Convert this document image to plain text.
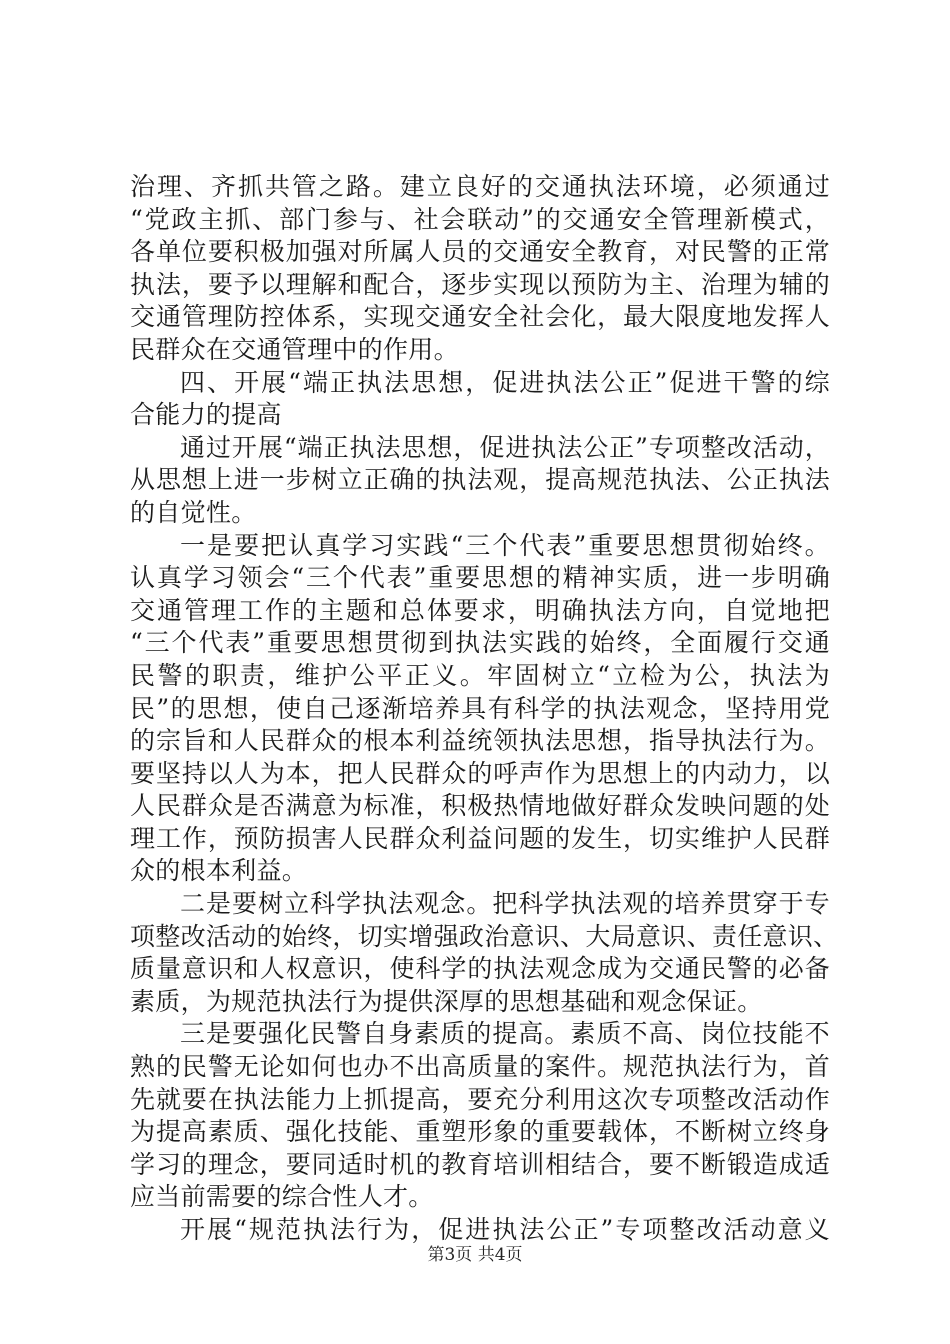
治理、齐抓共管之路。建立良好的交通执法环境，必须通过
“党政主抓、部门参与、社会联动”的交通安全管理新模式，
各单位要积极加强对所属人员的交通安全教育，对民警的正常
执法，要予以理解和配合，逐步实现以预防为主、治理为辅的
交通管理防控体系，实现交通安全社会化，最大限度地发挥人
民群众在交通管理中的作用。
四、开展“端正执法思想，促进执法公正”促进干警的综
合能力的提高
通过开展“端正执法思想，促进执法公正”专项整改活动，
从思想上进一步树立正确的执法观，提高规范执法、公正执法
的自觉性。
一是要把认真学习实践“三个代表”重要思想贯彻始终。
认真学习领会“三个代表”重要思想的精神实质，进一步明确
交通管理工作的主题和总体要求，明确执法方向，自觉地把
“三个代表”重要思想贯彻到执法实践的始终，全面履行交通
民警的职责，维护公平正义。牢固树立“立检为公，执法为
民”的思想，使自己逐渐培养具有科学的执法观念，坚持用党
的宗旨和人民群众的根本利益统领执法思想，指导执法行为。
要坚持以人为本，把人民群众的呼声作为思想上的内动力，以
人民群众是否满意为标准，积极热情地做好群众发映问题的处
理工作，预防损害人民群众利益问题的发生，切实维护人民群
众的根本利益。
二是要树立科学执法观念。把科学执法观的培养贯穿于专
项整改活动的始终，切实增强政治意识、大局意识、责任意识、
质量意识和人权意识，使科学的执法观念成为交通民警的必备
素质，为规范执法行为提供深厚的思想基础和观念保证。
三是要强化民警自身素质的提高。素质不高、岗位技能不
熟的民警无论如何也办不出高质量的案件。规范执法行为，首
先就要在执法能力上抓提高，要充分利用这次专项整改活动作
为提高素质、强化技能、重塑形象的重要载体，不断树立终身
学习的理念，要同适时机的教育培训相结合，要不断锻造成适
应当前需要的综合性人才。
开展“规范执法行为，促进执法公正”专项整改活动意义
第3页 共4页
